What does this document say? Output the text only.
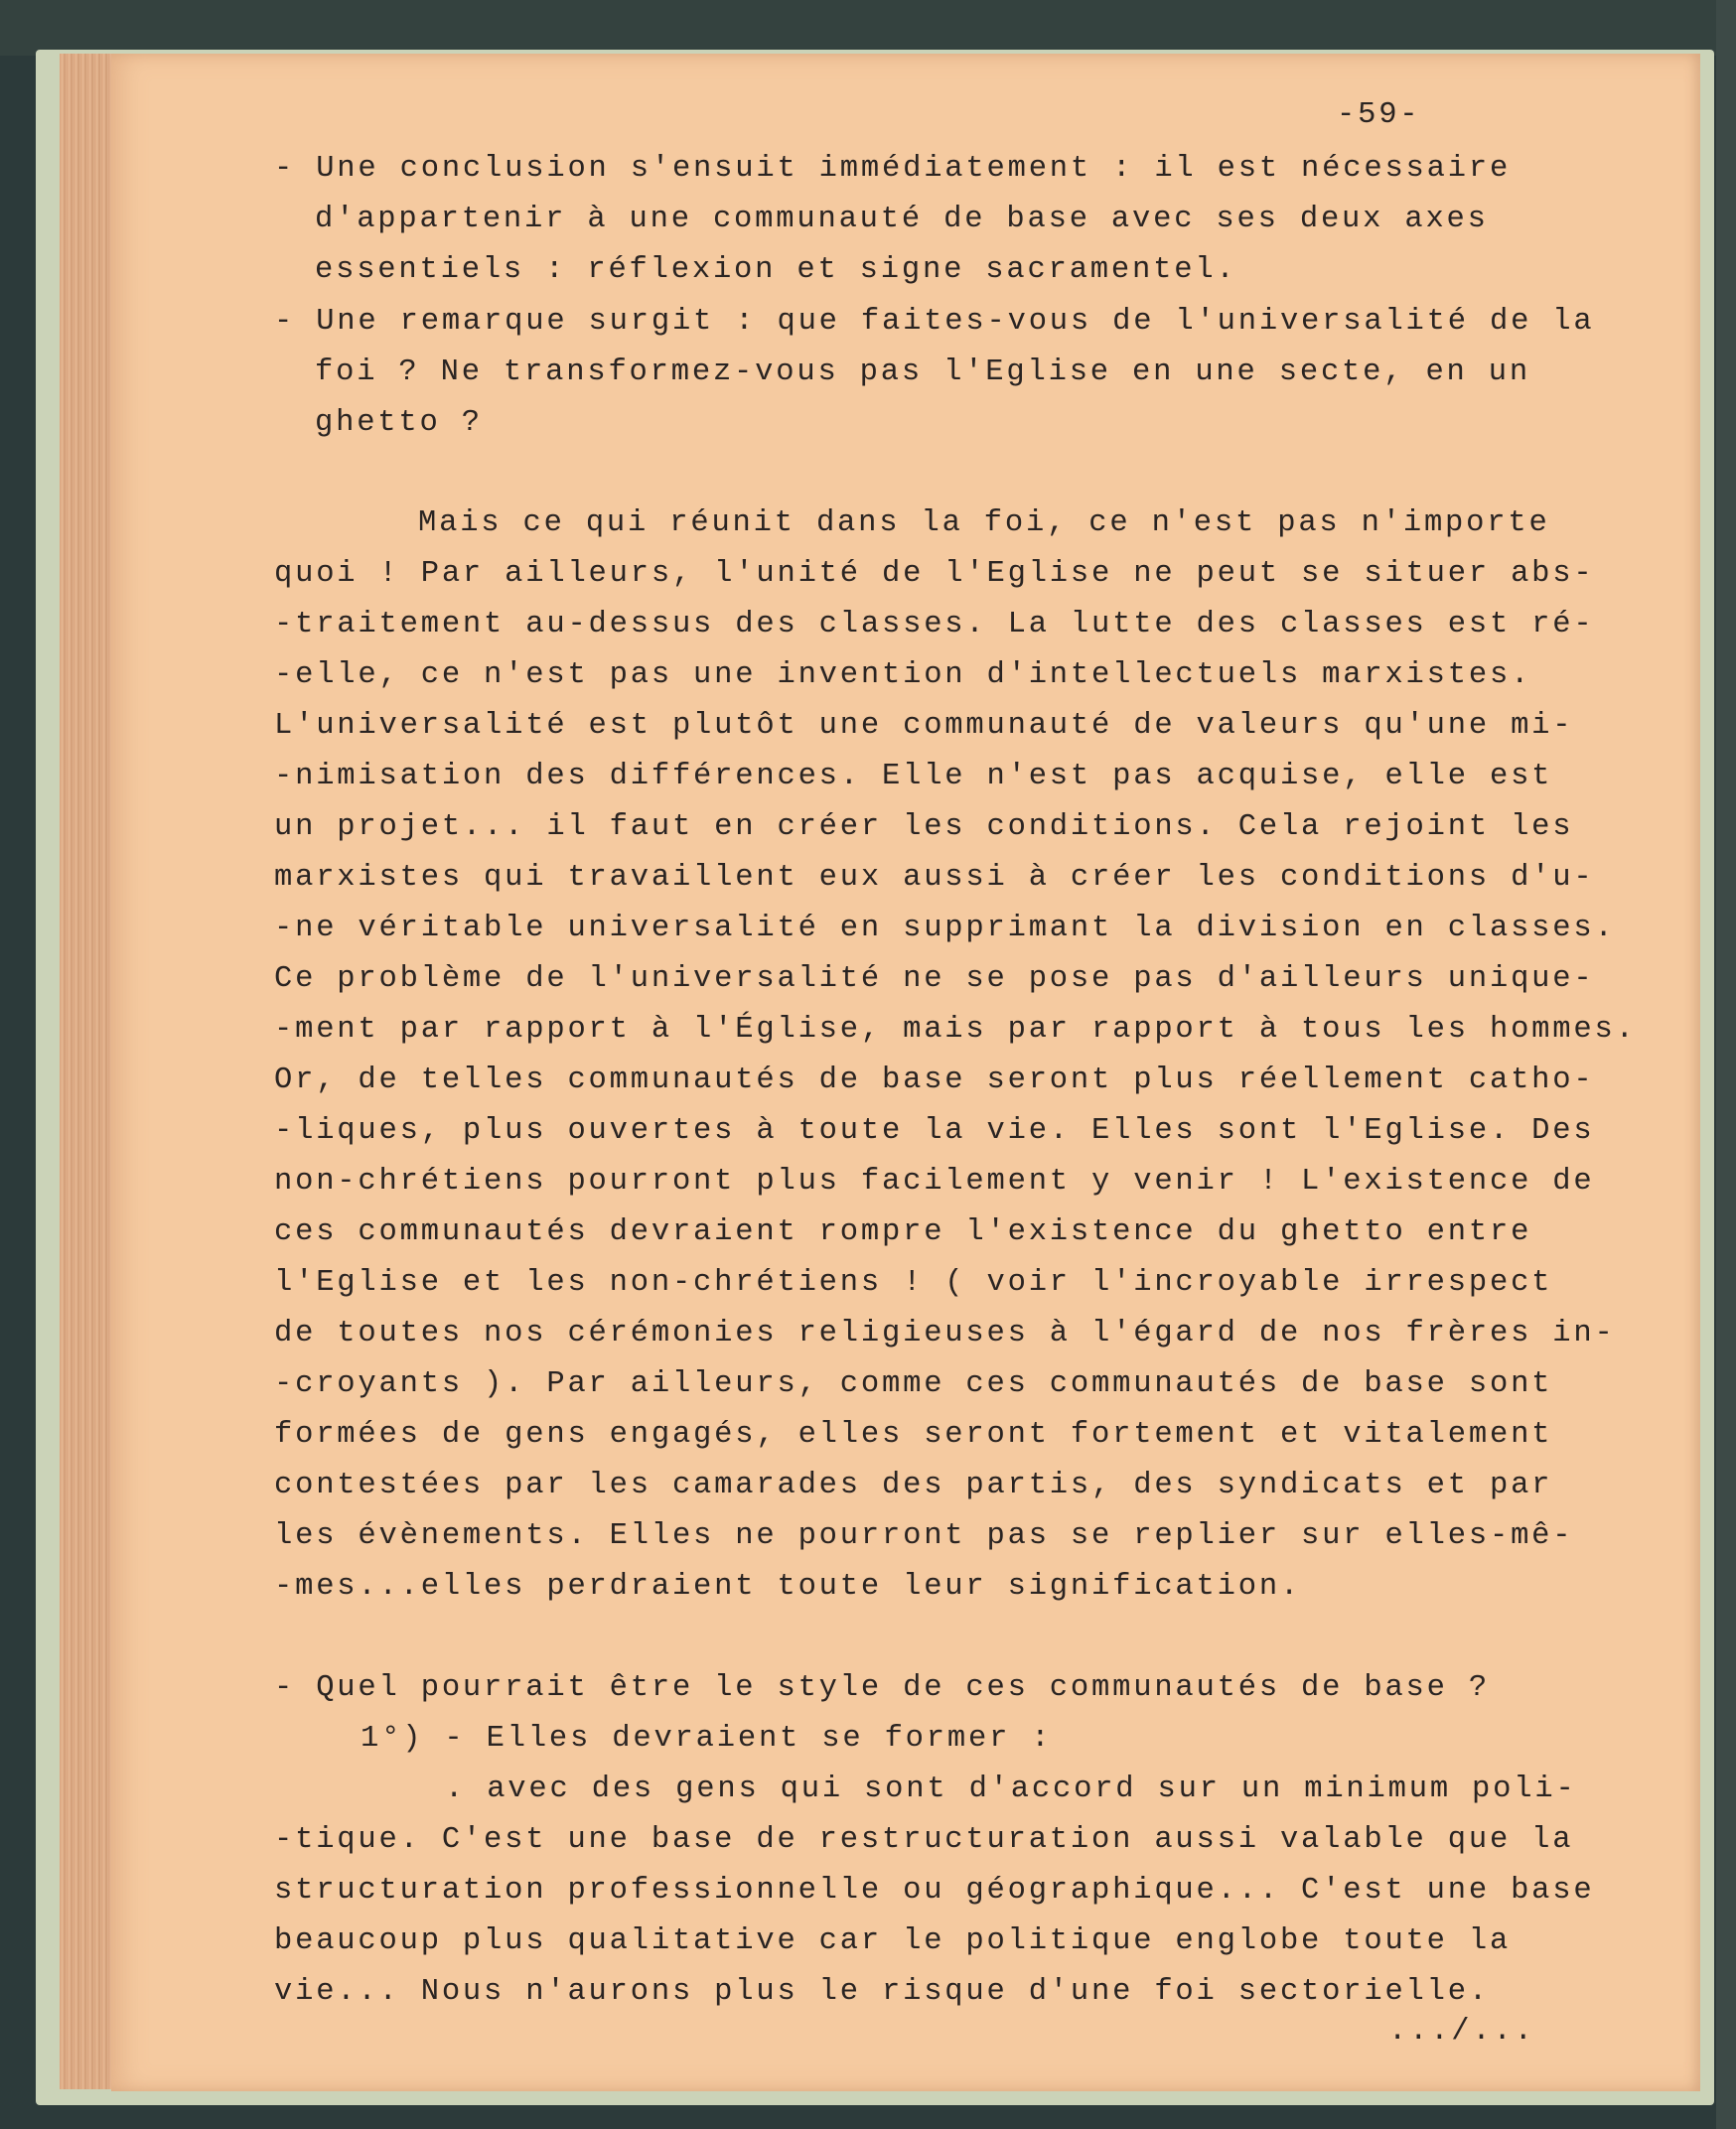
-59-

- Une conclusion s'ensuit immédiatement : il est nécessaire

d'appartenir à une communauté de base avec ses deux axes

essentiels : réflexion et signe sacramentel.

- Une remarque surgit : que faites-vous de l'universalité de la

foi ? Ne transformez-vous pas l'Eglise en une secte, en un

ghetto ?

Mais ce qui réunit dans la foi, ce n'est pas n'importe

quoi ! Par ailleurs, l'unité de l'Eglise ne peut se situer abs-

-traitement au-dessus des classes. La lutte des classes est ré-

-elle, ce n'est pas une invention d'intellectuels marxistes.

L'universalité est plutôt une communauté de valeurs qu'une mi-

-nimisation des différences. Elle n'est pas acquise, elle est

un projet... il faut en créer les conditions. Cela rejoint les

marxistes qui travaillent eux aussi à créer les conditions d'u-

-ne véritable universalité en supprimant la division en classes.

Ce problème de l'universalité ne se pose pas d'ailleurs unique-

-ment par rapport à l'Église, mais par rapport à tous les hommes.

Or, de telles communautés de base seront plus réellement catho-

-liques, plus ouvertes à toute la vie. Elles sont l'Eglise. Des

non-chrétiens pourront plus facilement y venir ! L'existence de

ces communautés devraient rompre l'existence du ghetto entre

l'Eglise et les non-chrétiens ! ( voir l'incroyable irrespect

de toutes nos cérémonies religieuses à l'égard de nos frères in-

-croyants ). Par ailleurs, comme ces communautés de base sont

formées de gens engagés, elles seront fortement et vitalement

contestées par les camarades des partis, des syndicats et par

les évènements. Elles ne pourront pas se replier sur elles-mê-

-mes...elles perdraient toute leur signification.

- Quel pourrait être le style de ces communautés de base ?

1°) - Elles devraient se former :

. avec des gens qui sont d'accord sur un minimum poli-

-tique. C'est une base de restructuration aussi valable que la

structuration professionnelle ou géographique... C'est une base

beaucoup plus qualitative car le politique englobe toute la

vie... Nous n'aurons plus le risque d'une foi sectorielle.

.../...
